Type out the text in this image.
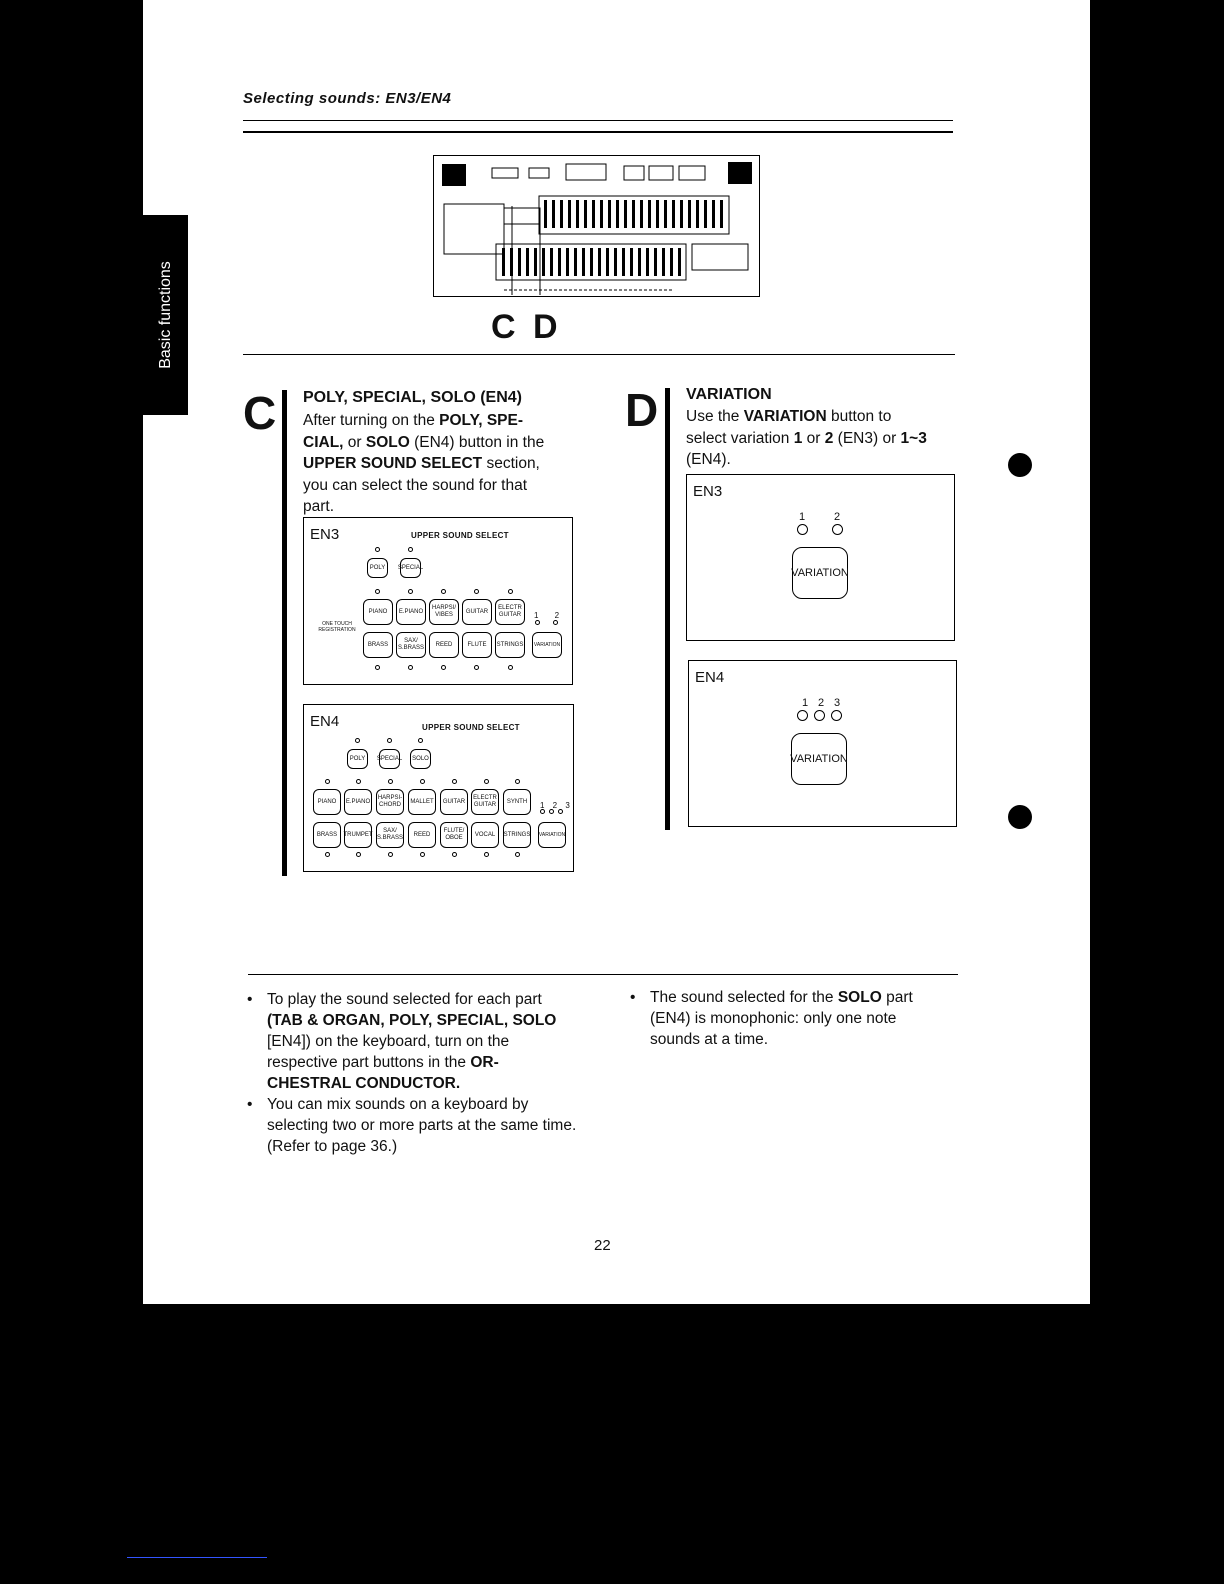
Basic functions
Selecting sounds: EN3/EN4
C D
C POLY, SPECIAL, SOLO (EN4)
After turning on the POLY, SPE-
CIAL, or SOLO (EN4) button in the
UPPER SOUND SELECT section,
you can select the sound for that
part.
EN3	UPPER SOUND SELECT
POLY	SPECIAL
PIANO	E.PIANO
HARPSI/ VIBES
GUITAR
ELECTR GUITAR	1 2
ONE TOUCH REGISTRATION
BRASS
SAX/ S.BRASS
REED	FLUTE	STRINGS	VARIATION
EN4	UPPER SOUND SELECT
POLY	SPECIAL	SOLO
PIANO	E.PIANO
HARPSI-CHORD
MALLET	GUITAR
ELECTR GUITAR
SYNTH	1 2 3
BRASS	TRUMPET
SAX/ S.BRASS
REED
FLUTE/ OBOE
VOCAL	STRINGS VARIATION
D VARIATION
Use the VARIATION button to
select variation 1 or 2 (EN3) or 1~3
(EN4).
EN3
1	2
VARIATION
EN4
1 2 3
VARIATION
• To play the sound selected for each part (TAB & ORGAN, POLY, SPECIAL, SOLO [EN4]) on the keyboard, turn on the respective part buttons in the OR-CHESTRAL CONDUCTOR.
• You can mix sounds on a keyboard by selecting two or more parts at the same time. (Refer to page 36.)
• The sound selected for the SOLO part (EN4) is monophonic: only one note sounds at a time.
22
